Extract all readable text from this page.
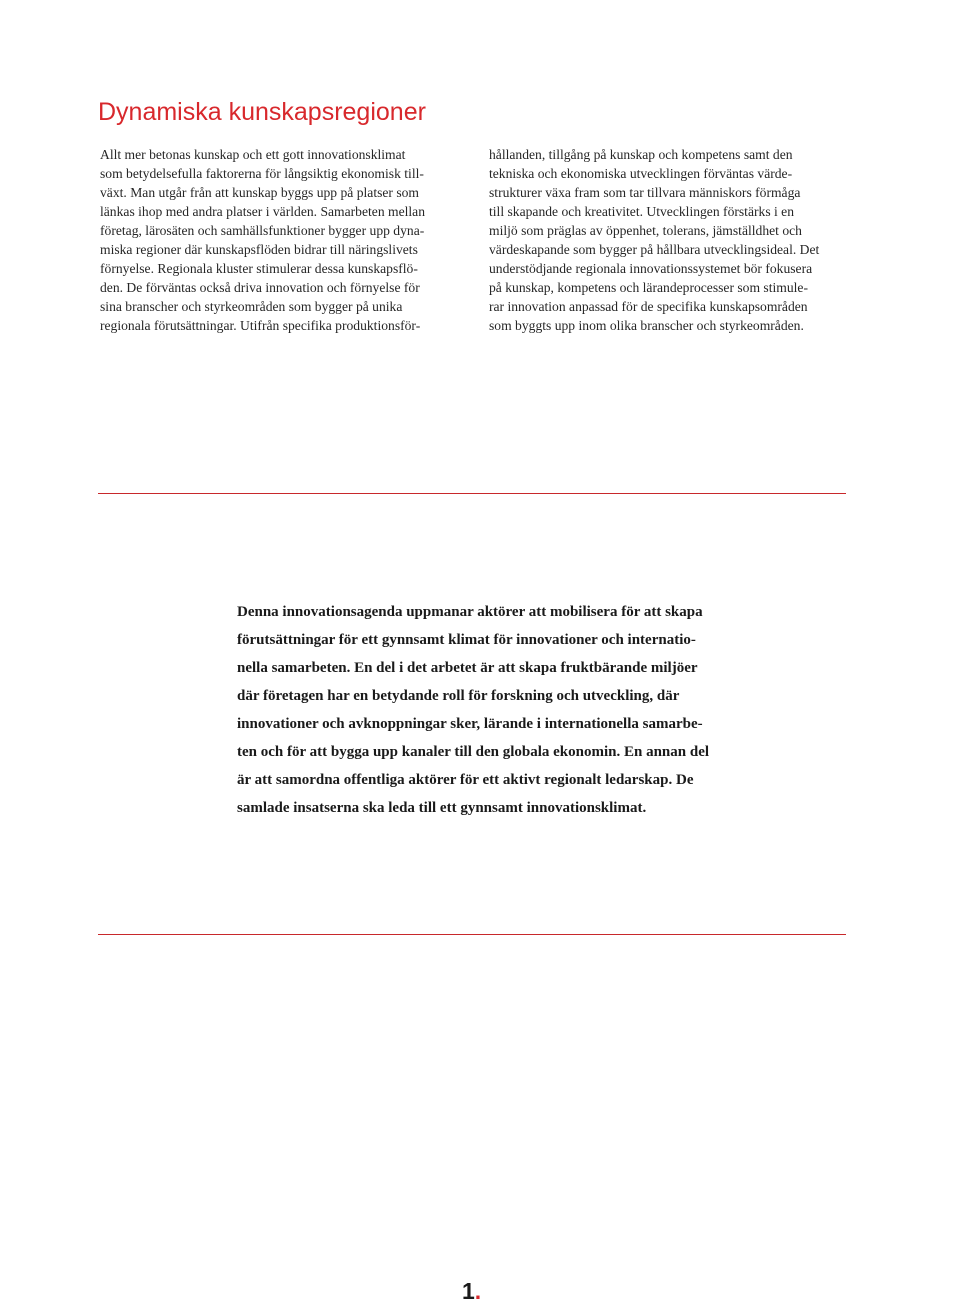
Dynamiska kunskapsregioner
Allt mer betonas kunskap och ett gott innovationsklimat
som betydelsefulla faktorerna för långsiktig ekonomisk till-
växt. Man utgår från att kunskap byggs upp på platser som
länkas ihop med andra platser i världen. Samarbeten mellan
företag, lärosäten och samhällsfunktioner bygger upp dyna-
miska regioner där kunskapsflöden bidrar till näringslivets
förnyelse. Regionala kluster stimulerar dessa kunskapsflö-
den. De förväntas också driva innovation och förnyelse för
sina branscher och styrkeområden som bygger på unika
regionala förutsättningar. Utifrån specifika produktionsför-
hållanden, tillgång på kunskap och kompetens samt den
tekniska och ekonomiska utvecklingen förväntas värde-
strukturer växa fram som tar tillvara människors förmåga
till skapande och kreativitet. Utvecklingen förstärks i en
miljö som präglas av öppenhet, tolerans, jämställdhet och
värdeskapande som bygger på hållbara utvecklingsideal. Det
understödjande regionala innovationssystemet bör fokusera
på kunskap, kompetens och lärandeprocesser som stimule-
rar innovation anpassad för de specifika kunskapsområden
som byggts upp inom olika branscher och styrkeområden.
Denna innovationsagenda uppmanar aktörer att mobilisera för att skapa
förutsättningar för ett gynnsamt klimat för innovationer och internatio-
nella samarbeten. En del i det arbetet är att skapa fruktbärande miljöer
där företagen har en betydande roll för forskning och utveckling, där
innovationer och avknoppningar sker, lärande i internationella samarbe-
ten och för att bygga upp kanaler till den globala ekonomin. En annan del
är att samordna offentliga aktörer för ett aktivt regionalt ledarskap. De
samlade insatserna ska leda till ett gynnsamt innovationsklimat.
1.
